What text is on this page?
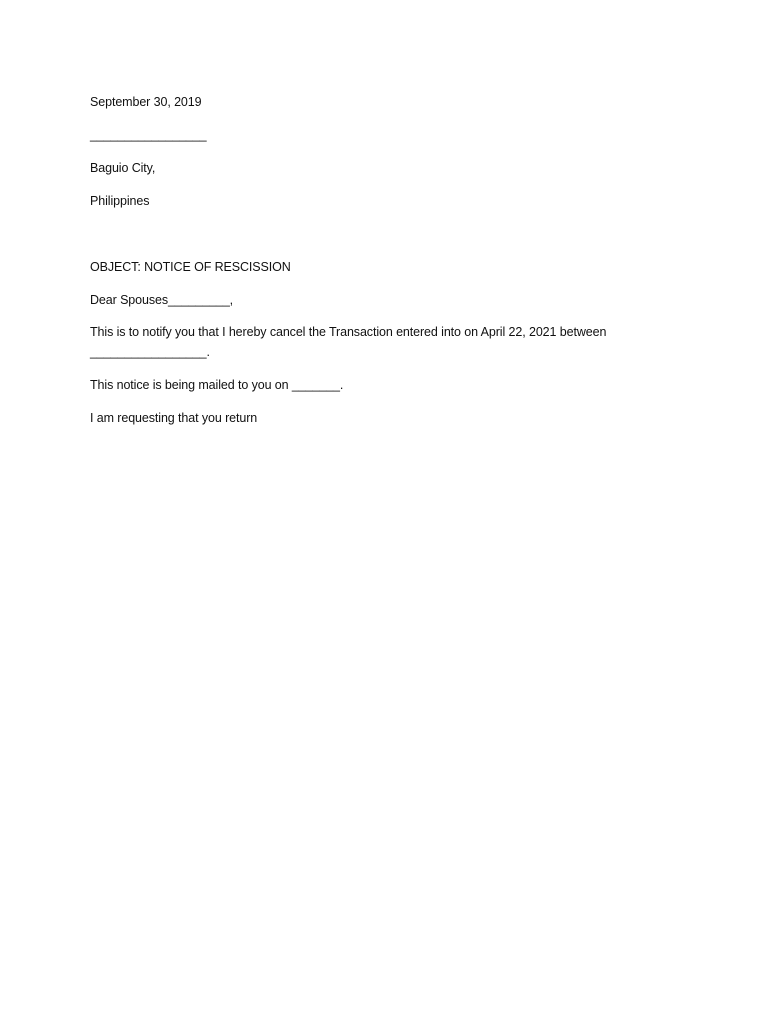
September 30, 2019
_________________
Baguio City,
Philippines
OBJECT: NOTICE OF RESCISSION
Dear Spouses_________,
This is to notify you that I hereby cancel the Transaction entered into on April 22, 2021 between
_________________.
This notice is being mailed to you on _______.
I am requesting that you return
